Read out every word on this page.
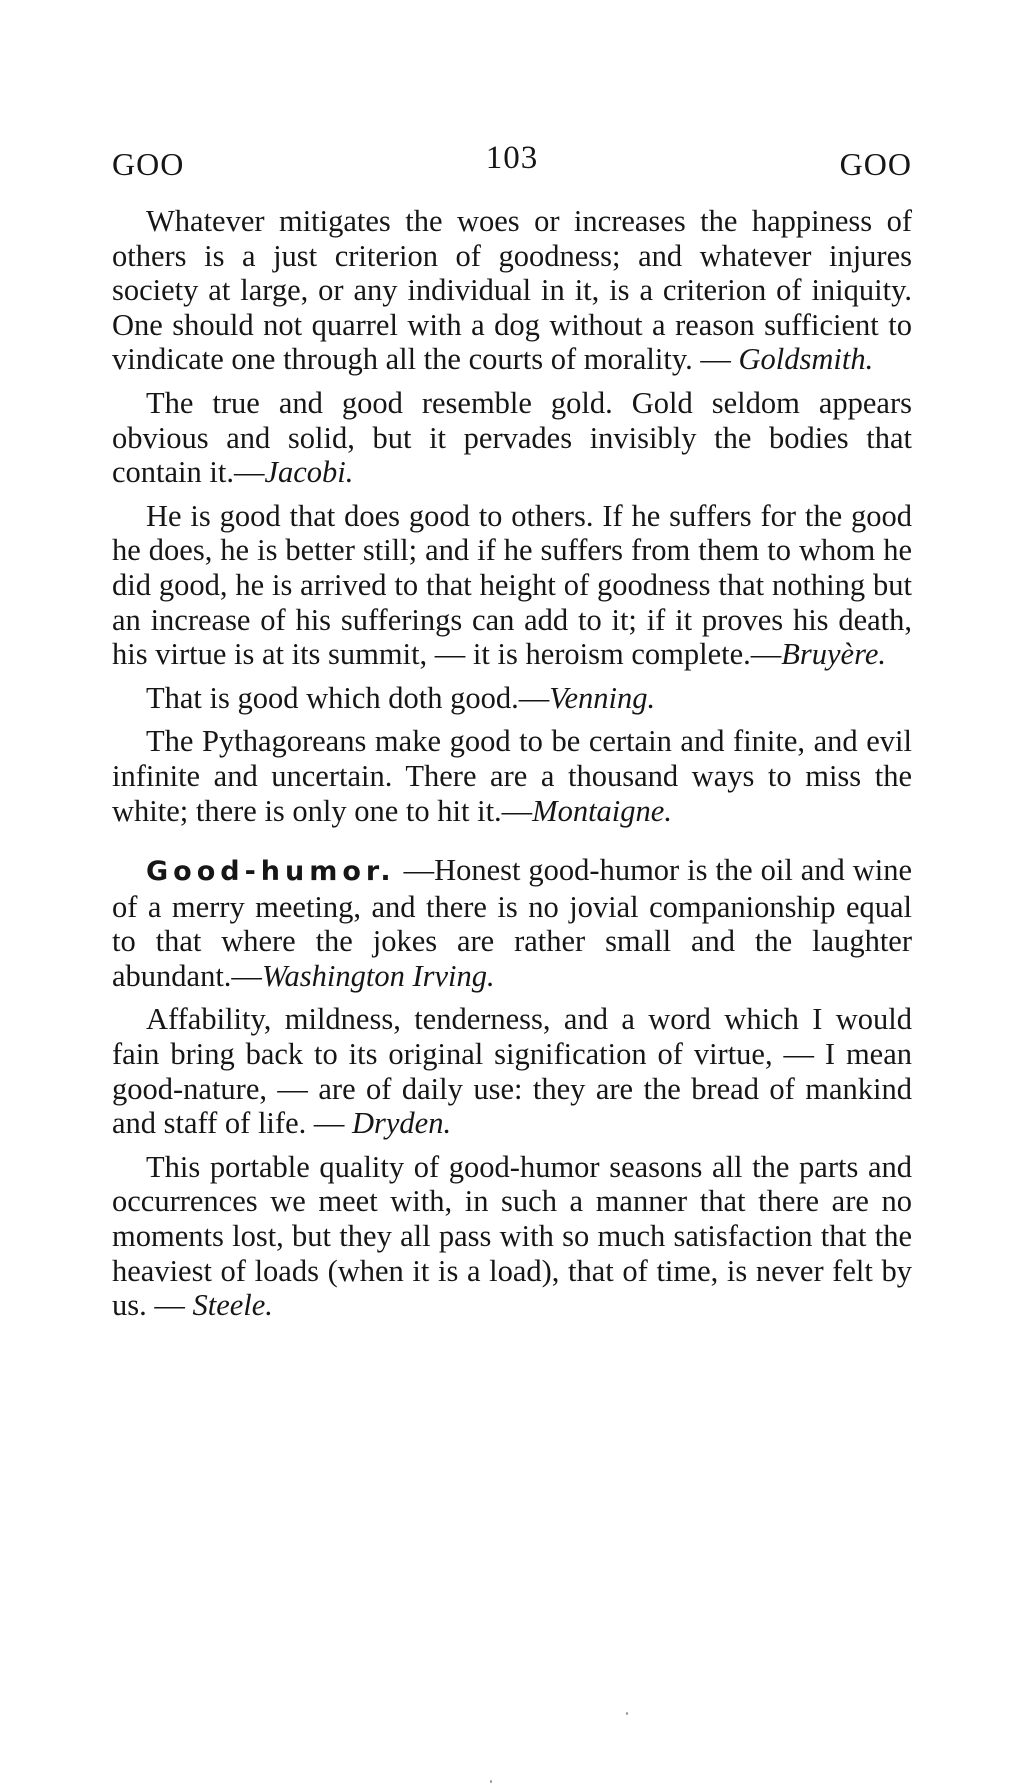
GOO	103	GOO

Whatever mitigates the woes or increases the happiness of others is a just criterion of goodness; and whatever injures society at large, or any individual in it, is a criterion of iniquity. One should not quarrel with a dog without a reason sufficient to vindicate one through all the courts of morality. — Goldsmith.

The true and good resemble gold. Gold seldom appears obvious and solid, but it pervades invisibly the bodies that contain it.—Jacobi.

He is good that does good to others. If he suffers for the good he does, he is better still; and if he suffers from them to whom he did good, he is arrived to that height of goodness that nothing but an increase of his sufferings can add to it; if it proves his death, his virtue is at its summit, — it is heroism complete.—Bruyère.

That is good which doth good.—Venning.

The Pythagoreans make good to be certain and finite, and evil infinite and uncertain. There are a thousand ways to miss the white; there is only one to hit it.—Montaigne.

Good-humor. —Honest good-humor is the oil and wine of a merry meeting, and there is no jovial companionship equal to that where the jokes are rather small and the laughter abundant.—Washington Irving.

Affability, mildness, tenderness, and a word which I would fain bring back to its original signification of virtue, — I mean good-nature, — are of daily use: they are the bread of mankind and staff of life. — Dryden.

This portable quality of good-humor seasons all the parts and occurrences we meet with, in such a manner that there are no moments lost, but they all pass with so much satisfaction that the heaviest of loads (when it is a load), that of time, is never felt by us. — Steele.
